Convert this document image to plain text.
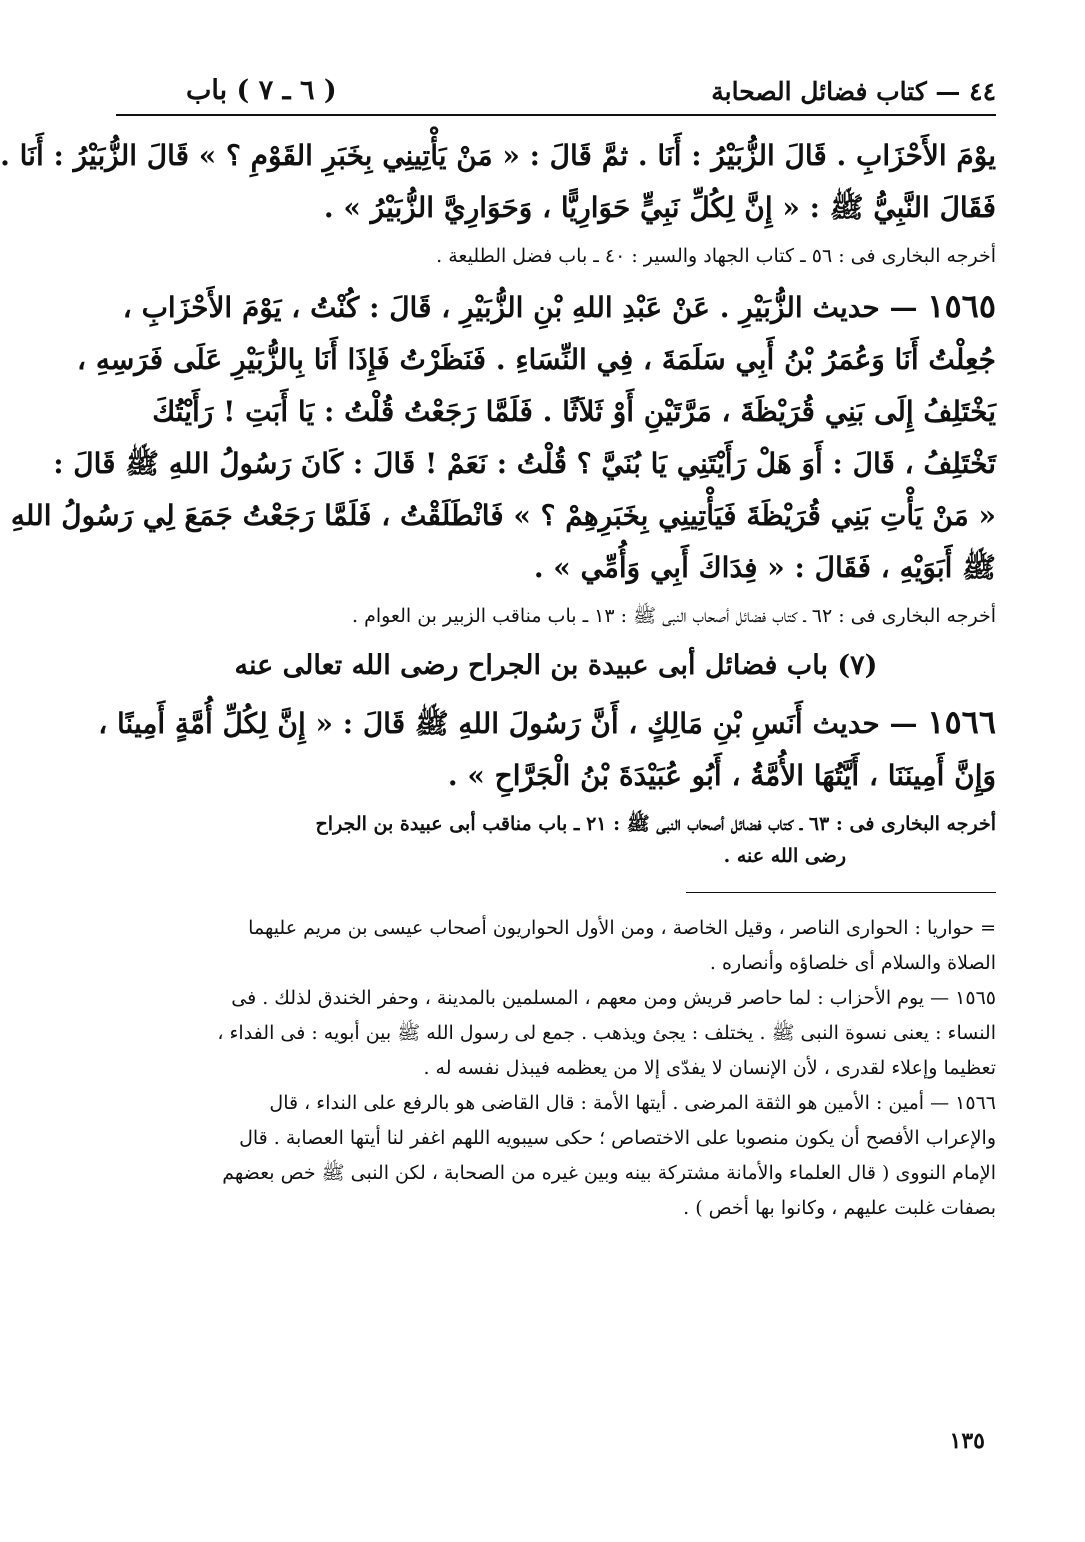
٤٤ — كتاب فضائل الصحابة
( ٦ ـ ٧ ) باب
يوْمَ الأَحْزَابِ . قَالَ الزُّبَيْرُ : أَنَا . ثمَّ قَالَ : « مَنْ يَأْتِينِي بِخَبَرِ القَوْمِ ؟ » قَالَ الزُّبَيْرُ : أَنَا .
فَقَالَ النَّبِيُّ ﷺ : « إِنَّ لِكُلِّ نَبِيٍّ حَوَارِيًّا ، وَحَوَارِيَّ الزُّبَيْرُ » .
أخرجه البخارى فى : ٥٦ ـ كتاب الجهاد والسير : ٤٠ ـ باب فضل الطليعة .
١٥٦٥ — حديث الزُّبَيْرِ . عَنْ عَبْدِ اللهِ بْنِ الزُّبَيْرِ ، قَالَ : كُنْتُ ، يَوْمَ الأَحْزَابِ ،
جُعِلْتُ أَنَا وَعُمَرُ بْنُ أَبِي سَلَمَةَ ، فِي النِّسَاءِ . فَنَظَرْتُ فَإِذَا أَنَا بِالزُّبَيْرِ عَلَى فَرَسِهِ ،
يَخْتَلِفُ إِلَى بَنِي قُرَيْظَةَ ، مَرَّتَيْنِ أَوْ ثَلاَثًا . فَلَمَّا رَجَعْتُ قُلْتُ : يَا أَبَتِ ! رَأَيْتُكَ
تَخْتَلِفُ ، قَالَ : أَوَ هَلْ رَأَيْتَنِي يَا بُنَيَّ ؟ قُلْتُ : نَعَمْ ! قَالَ : كَانَ رَسُولُ اللهِ ﷺ قَالَ :
« مَنْ يَأْتِ بَنِي قُرَيْظَةَ فَيَأْتِينِي بِخَبَرِهِمْ ؟ » فَانْطَلَقْتُ ، فَلَمَّا رَجَعْتُ جَمَعَ لِي رَسُولُ اللهِ
ﷺ أَبَوَيْهِ ، فَقَالَ : « فِدَاكَ أَبِي وَأُمِّي » .
أخرجه البخارى فى : ٦٢ ـ كتاب فضائل أصحاب النبى ﷺ : ١٣ ـ باب مناقب الزبير بن العوام .
(٧) باب فضائل أبى عبيدة بن الجراح رضى الله تعالى عنه
١٥٦٦ — حديث أَنَسِ بْنِ مَالِكٍ ، أَنَّ رَسُولَ اللهِ ﷺ قَالَ : « إِنَّ لِكُلِّ أُمَّةٍ أَمِينًا ،
وَإِنَّ أَمِينَنَا ، أَيَّتُهَا الأُمَّةُ ، أَبُو عُبَيْدَةَ بْنُ الْجَرَّاحِ » .
أخرجه البخارى فى : ٦٣ ـ كتاب فضائل أصحاب النبى ﷺ : ٢١ ـ باب مناقب أبى عبيدة بن الجراح
رضى الله عنه .
= حواريا : الحوارى الناصر ، وقيل الخاصة ، ومن الأول الحواريون أصحاب عيسى بن مريم عليهما
الصلاة والسلام أى خلصاؤه وأنصاره .
١٥٦٥ — يوم الأحزاب : لما حاصر قريش ومن معهم ، المسلمين بالمدينة ، وحفر الخندق لذلك . فى
النساء : يعنى نسوة النبى ﷺ . يختلف : يجئ ويذهب . جمع لى رسول الله ﷺ بين أبويه : فى الفداء ،
تعظيما وإعلاء لقدرى ، لأن الإنسان لا يفدّى إلا من يعظمه فيبذل نفسه له .
١٥٦٦ — أمين : الأمين هو الثقة المرضى . أيتها الأمة : قال القاضى هو بالرفع على النداء ، قال
والإعراب الأفصح أن يكون منصوبا على الاختصاص ؛ حكى سيبويه اللهم اغفر لنا أيتها العصابة . قال
الإمام النووى ( قال العلماء والأمانة مشتركة بينه وبين غيره من الصحابة ، لكن النبى ﷺ خص بعضهم
بصفات غلبت عليهم ، وكانوا بها أخص ) .
١٣٥
